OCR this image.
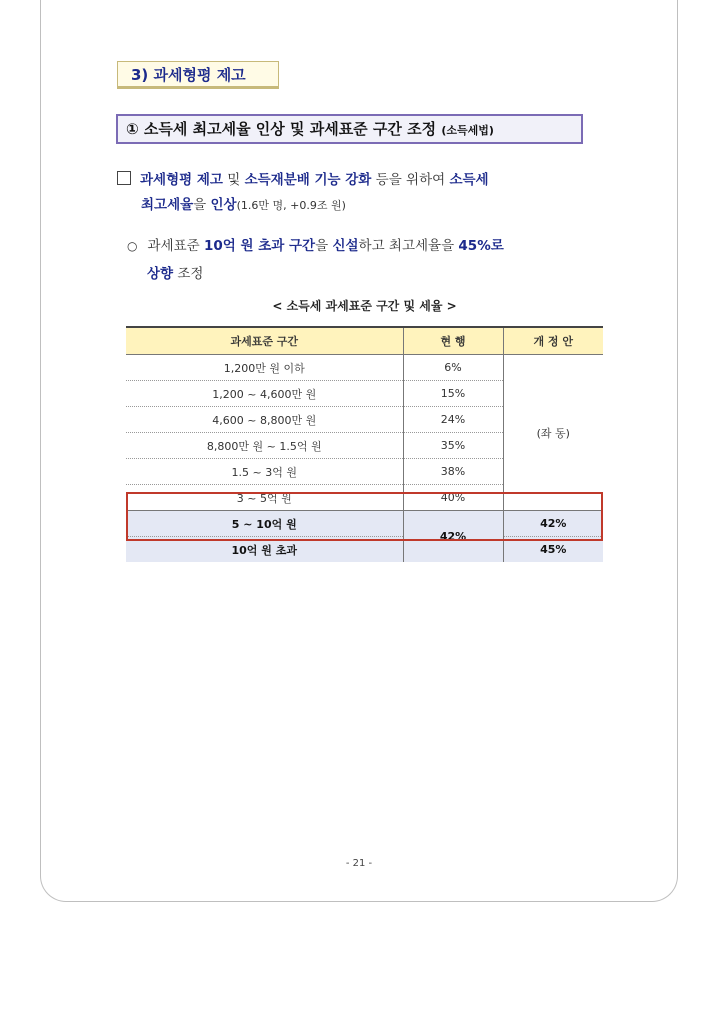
3) 과세형평 제고
① 소득세 최고세율 인상 및 과세표준 구간 조정 (소득세법)
과세형평 제고 및 소득재분배 기능 강화 등을 위하여 소득세
최고세율을 인상(1.6만 명, +0.9조 원)
○ 과세표준 10억 원 초과 구간을 신설하고 최고세율을 45%로
상향 조정
< 소득세 과세표준 구간 및 세율 >
과세표준 구간	현 행	개 정 안
1,200만 원 이하	6%	(좌 동)
1,200 ~ 4,600만 원	15%	
4,600 ~ 8,800만 원	24%	
8,800만 원 ~ 1.5억 원	35%	
1.5 ~ 3억 원	38%	
3 ~ 5억 원	40%	
5 ~ 10억 원	42%	42%
10억 원 초과		45%
- 21 -
